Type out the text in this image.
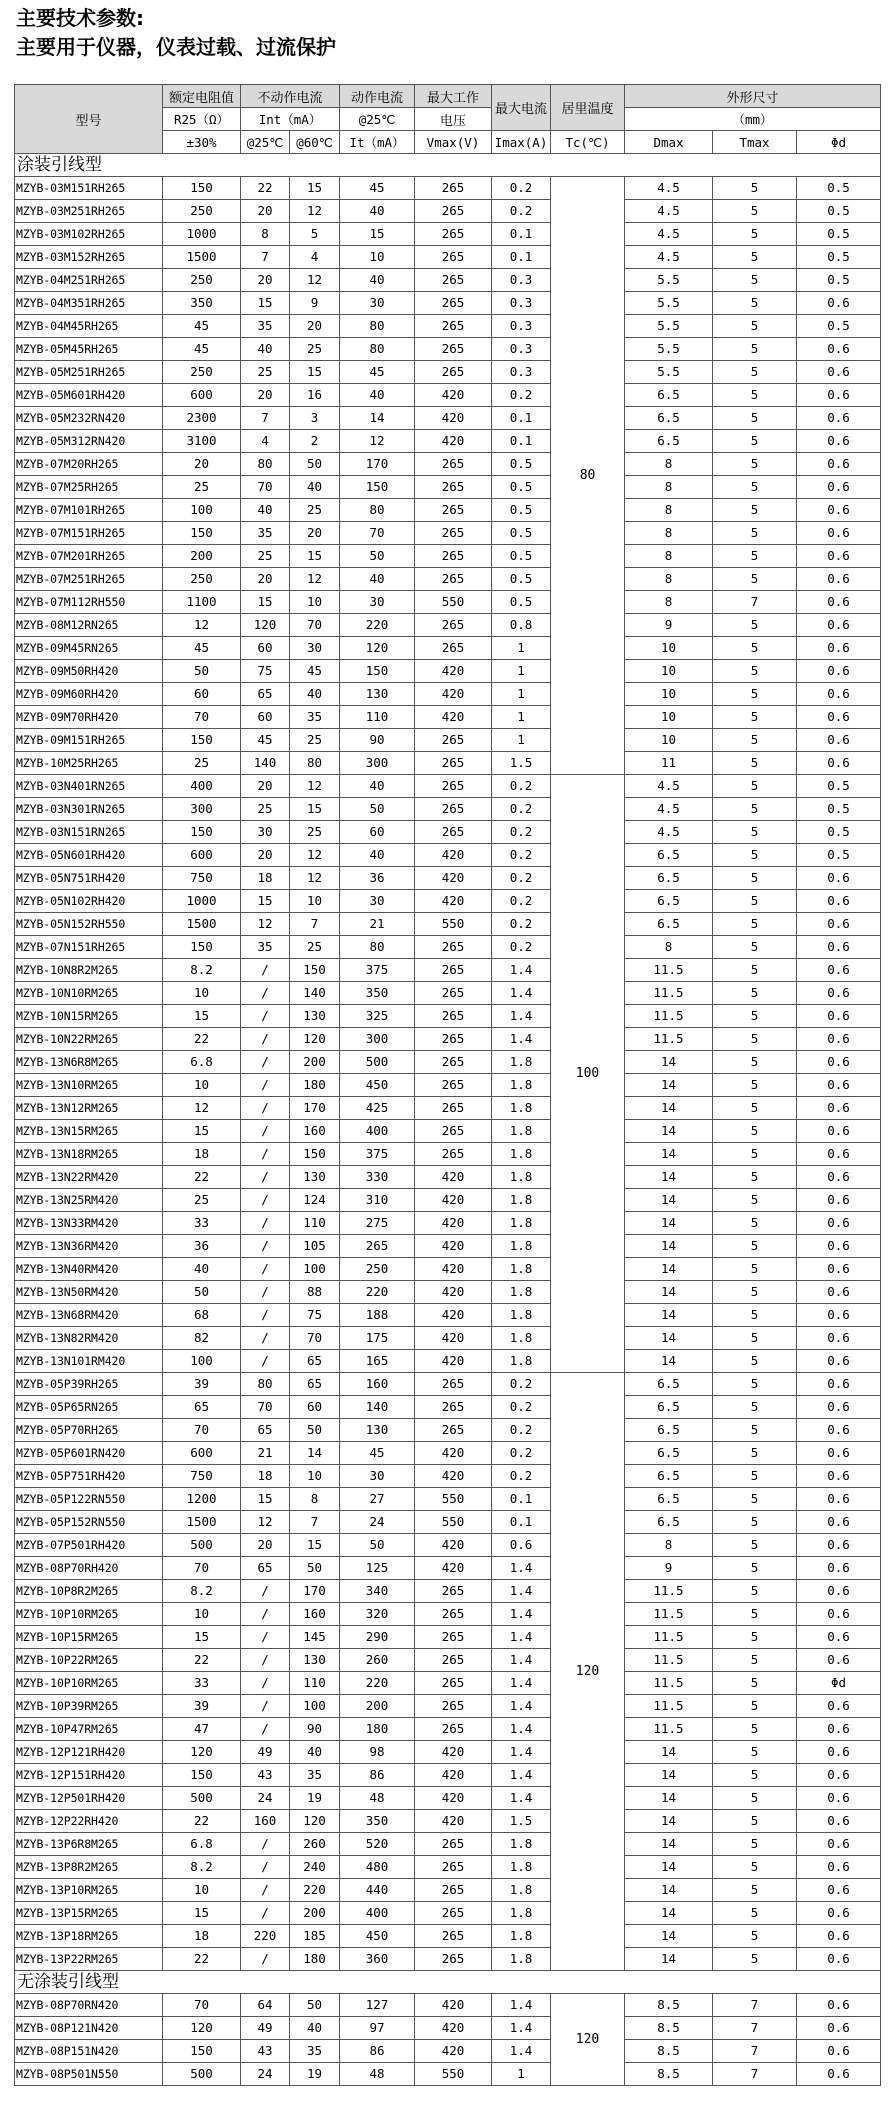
主要技术参数:
主要用于仪器，仪表过载、过流保护
型号	额定电阻值	不动作电流		动作电流	最大工作	最大电流	居里温度	外形尺寸		
	R25（Ω）	Int（mA）		@25℃	电压			（mm）		
	±30%	@25℃	@60℃	It（mA）	Vmax(V)	Imax(A)	Tc(℃)	Dmax	Tmax	Φd
涂装引线型										
MZYB-03M151RH265	150	22	15	45	265	0.2	80	4.5	5	0.5
MZYB-03M251RH265	250	20	12	40	265	0.2		4.5	5	0.5
MZYB-03M102RH265	1000	8	5	15	265	0.1		4.5	5	0.5
MZYB-03M152RH265	1500	7	4	10	265	0.1		4.5	5	0.5
MZYB-04M251RH265	250	20	12	40	265	0.3		5.5	5	0.5
MZYB-04M351RH265	350	15	9	30	265	0.3		5.5	5	0.6
MZYB-04M45RH265	45	35	20	80	265	0.3		5.5	5	0.5
MZYB-05M45RH265	45	40	25	80	265	0.3		5.5	5	0.6
MZYB-05M251RH265	250	25	15	45	265	0.3		5.5	5	0.6
MZYB-05M601RH420	600	20	16	40	420	0.2		6.5	5	0.6
MZYB-05M232RN420	2300	7	3	14	420	0.1		6.5	5	0.6
MZYB-05M312RN420	3100	4	2	12	420	0.1		6.5	5	0.6
MZYB-07M20RH265	20	80	50	170	265	0.5		8	5	0.6
MZYB-07M25RH265	25	70	40	150	265	0.5		8	5	0.6
MZYB-07M101RH265	100	40	25	80	265	0.5		8	5	0.6
MZYB-07M151RH265	150	35	20	70	265	0.5		8	5	0.6
MZYB-07M201RH265	200	25	15	50	265	0.5		8	5	0.6
MZYB-07M251RH265	250	20	12	40	265	0.5		8	5	0.6
MZYB-07M112RH550	1100	15	10	30	550	0.5		8	7	0.6
MZYB-08M12RN265	12	120	70	220	265	0.8		9	5	0.6
MZYB-09M45RN265	45	60	30	120	265	1		10	5	0.6
MZYB-09M50RH420	50	75	45	150	420	1		10	5	0.6
MZYB-09M60RH420	60	65	40	130	420	1		10	5	0.6
MZYB-09M70RH420	70	60	35	110	420	1		10	5	0.6
MZYB-09M151RH265	150	45	25	90	265	1		10	5	0.6
MZYB-10M25RH265	25	140	80	300	265	1.5		11	5	0.6
MZYB-03N401RN265	400	20	12	40	265	0.2	100	4.5	5	0.5
MZYB-03N301RN265	300	25	15	50	265	0.2		4.5	5	0.5
MZYB-03N151RN265	150	30	25	60	265	0.2		4.5	5	0.5
MZYB-05N601RH420	600	20	12	40	420	0.2		6.5	5	0.5
MZYB-05N751RH420	750	18	12	36	420	0.2		6.5	5	0.6
MZYB-05N102RH420	1000	15	10	30	420	0.2		6.5	5	0.6
MZYB-05N152RH550	1500	12	7	21	550	0.2		6.5	5	0.6
MZYB-07N151RH265	150	35	25	80	265	0.2		8	5	0.6
MZYB-10N8R2M265	8.2	/	150	375	265	1.4		11.5	5	0.6
MZYB-10N10RM265	10	/	140	350	265	1.4		11.5	5	0.6
MZYB-10N15RM265	15	/	130	325	265	1.4		11.5	5	0.6
MZYB-10N22RM265	22	/	120	300	265	1.4		11.5	5	0.6
MZYB-13N6R8M265	6.8	/	200	500	265	1.8		14	5	0.6
MZYB-13N10RM265	10	/	180	450	265	1.8		14	5	0.6
MZYB-13N12RM265	12	/	170	425	265	1.8		14	5	0.6
MZYB-13N15RM265	15	/	160	400	265	1.8		14	5	0.6
MZYB-13N18RM265	18	/	150	375	265	1.8		14	5	0.6
MZYB-13N22RM420	22	/	130	330	420	1.8		14	5	0.6
MZYB-13N25RM420	25	/	124	310	420	1.8		14	5	0.6
MZYB-13N33RM420	33	/	110	275	420	1.8		14	5	0.6
MZYB-13N36RM420	36	/	105	265	420	1.8		14	5	0.6
MZYB-13N40RM420	40	/	100	250	420	1.8		14	5	0.6
MZYB-13N50RM420	50	/	88	220	420	1.8		14	5	0.6
MZYB-13N68RM420	68	/	75	188	420	1.8		14	5	0.6
MZYB-13N82RM420	82	/	70	175	420	1.8		14	5	0.6
MZYB-13N101RM420	100	/	65	165	420	1.8		14	5	0.6
MZYB-05P39RH265	39	80	65	160	265	0.2	120	6.5	5	0.6
MZYB-05P65RN265	65	70	60	140	265	0.2		6.5	5	0.6
MZYB-05P70RH265	70	65	50	130	265	0.2		6.5	5	0.6
MZYB-05P601RN420	600	21	14	45	420	0.2		6.5	5	0.6
MZYB-05P751RH420	750	18	10	30	420	0.2		6.5	5	0.6
MZYB-05P122RN550	1200	15	8	27	550	0.1		6.5	5	0.6
MZYB-05P152RN550	1500	12	7	24	550	0.1		6.5	5	0.6
MZYB-07P501RH420	500	20	15	50	420	0.6		8	5	0.6
MZYB-08P70RH420	70	65	50	125	420	1.4		9	5	0.6
MZYB-10P8R2M265	8.2	/	170	340	265	1.4		11.5	5	0.6
MZYB-10P10RM265	10	/	160	320	265	1.4		11.5	5	0.6
MZYB-10P15RM265	15	/	145	290	265	1.4		11.5	5	0.6
MZYB-10P22RM265	22	/	130	260	265	1.4		11.5	5	0.6
MZYB-10P10RM265	33	/	110	220	265	1.4		11.5	5	Φd
MZYB-10P39RM265	39	/	100	200	265	1.4		11.5	5	0.6
MZYB-10P47RM265	47	/	90	180	265	1.4		11.5	5	0.6
MZYB-12P121RH420	120	49	40	98	420	1.4		14	5	0.6
MZYB-12P151RH420	150	43	35	86	420	1.4		14	5	0.6
MZYB-12P501RH420	500	24	19	48	420	1.4		14	5	0.6
MZYB-12P22RH420	22	160	120	350	420	1.5		14	5	0.6
MZYB-13P6R8M265	6.8	/	260	520	265	1.8		14	5	0.6
MZYB-13P8R2M265	8.2	/	240	480	265	1.8		14	5	0.6
MZYB-13P10RM265	10	/	220	440	265	1.8		14	5	0.6
MZYB-13P15RM265	15	/	200	400	265	1.8		14	5	0.6
MZYB-13P18RM265	18	220	185	450	265	1.8		14	5	0.6
MZYB-13P22RM265	22	/	180	360	265	1.8		14	5	0.6
无涂装引线型										
MZYB-08P70RN420	70	64	50	127	420	1.4	120	8.5	7	0.6
MZYB-08P121N420	120	49	40	97	420	1.4		8.5	7	0.6
MZYB-08P151N420	150	43	35	86	420	1.4		8.5	7	0.6
MZYB-08P501N550	500	24	19	48	550	1		8.5	7	0.6
